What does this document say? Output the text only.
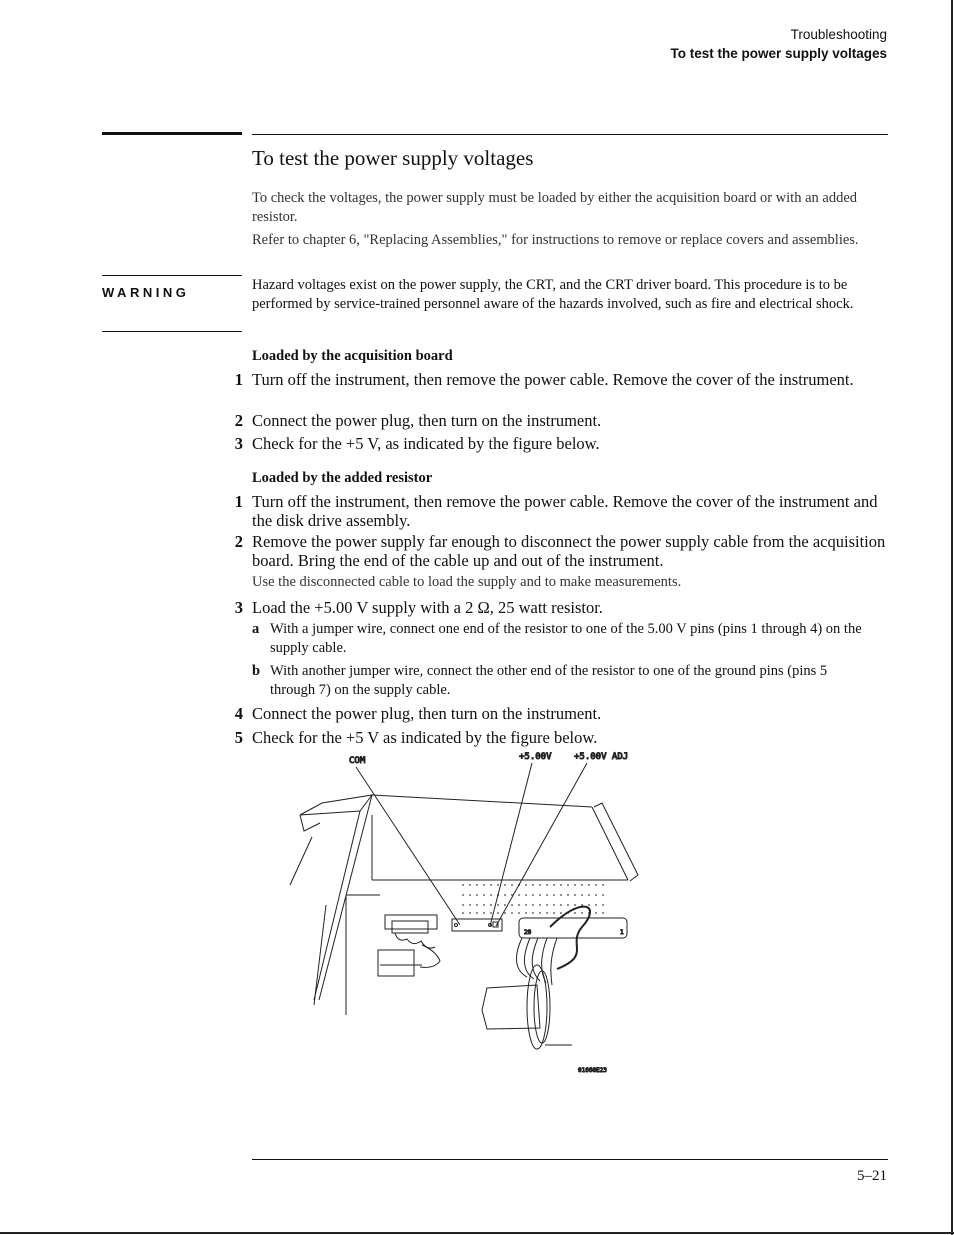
Troubleshooting
To test the power supply voltages
To test the power supply voltages
To check the voltages, the power supply must be loaded by either the acquisition board or with an added resistor.
Refer to chapter 6, "Replacing Assemblies," for instructions to remove or replace covers and assemblies.
WARNING	Hazard voltages exist on the power supply, the CRT, and the CRT driver board. This procedure is to be performed by service-trained personnel aware of the hazards involved, such as fire and electrical shock.
Loaded by the acquisition board
1 Turn off the instrument, then remove the power cable. Remove the cover of the instrument.
2 Connect the power plug, then turn on the instrument.
3 Check for the +5 V, as indicated by the figure below.
Loaded by the added resistor
1 Turn off the instrument, then remove the power cable. Remove the cover of the instrument and the disk drive assembly.
2 Remove the power supply far enough to disconnect the power supply cable from the acquisition board. Bring the end of the cable up and out of the instrument.
Use the disconnected cable to load the supply and to make measurements.
3 Load the +5.00 V supply with a 2 Ω, 25 watt resistor.
a With a jumper wire, connect one end of the resistor to one of the 5.00 V pins (pins 1 through 4) on the supply cable.
b With another jumper wire, connect the other end of the resistor to one of the ground pins (pins 5 through 7) on the supply cable.
4 Connect the power plug, then turn on the instrument.
5 Check for the +5 V as indicated by the figure below.
COM	+5.00V +5.00V ADJ
20	1
01660E23
5–21
